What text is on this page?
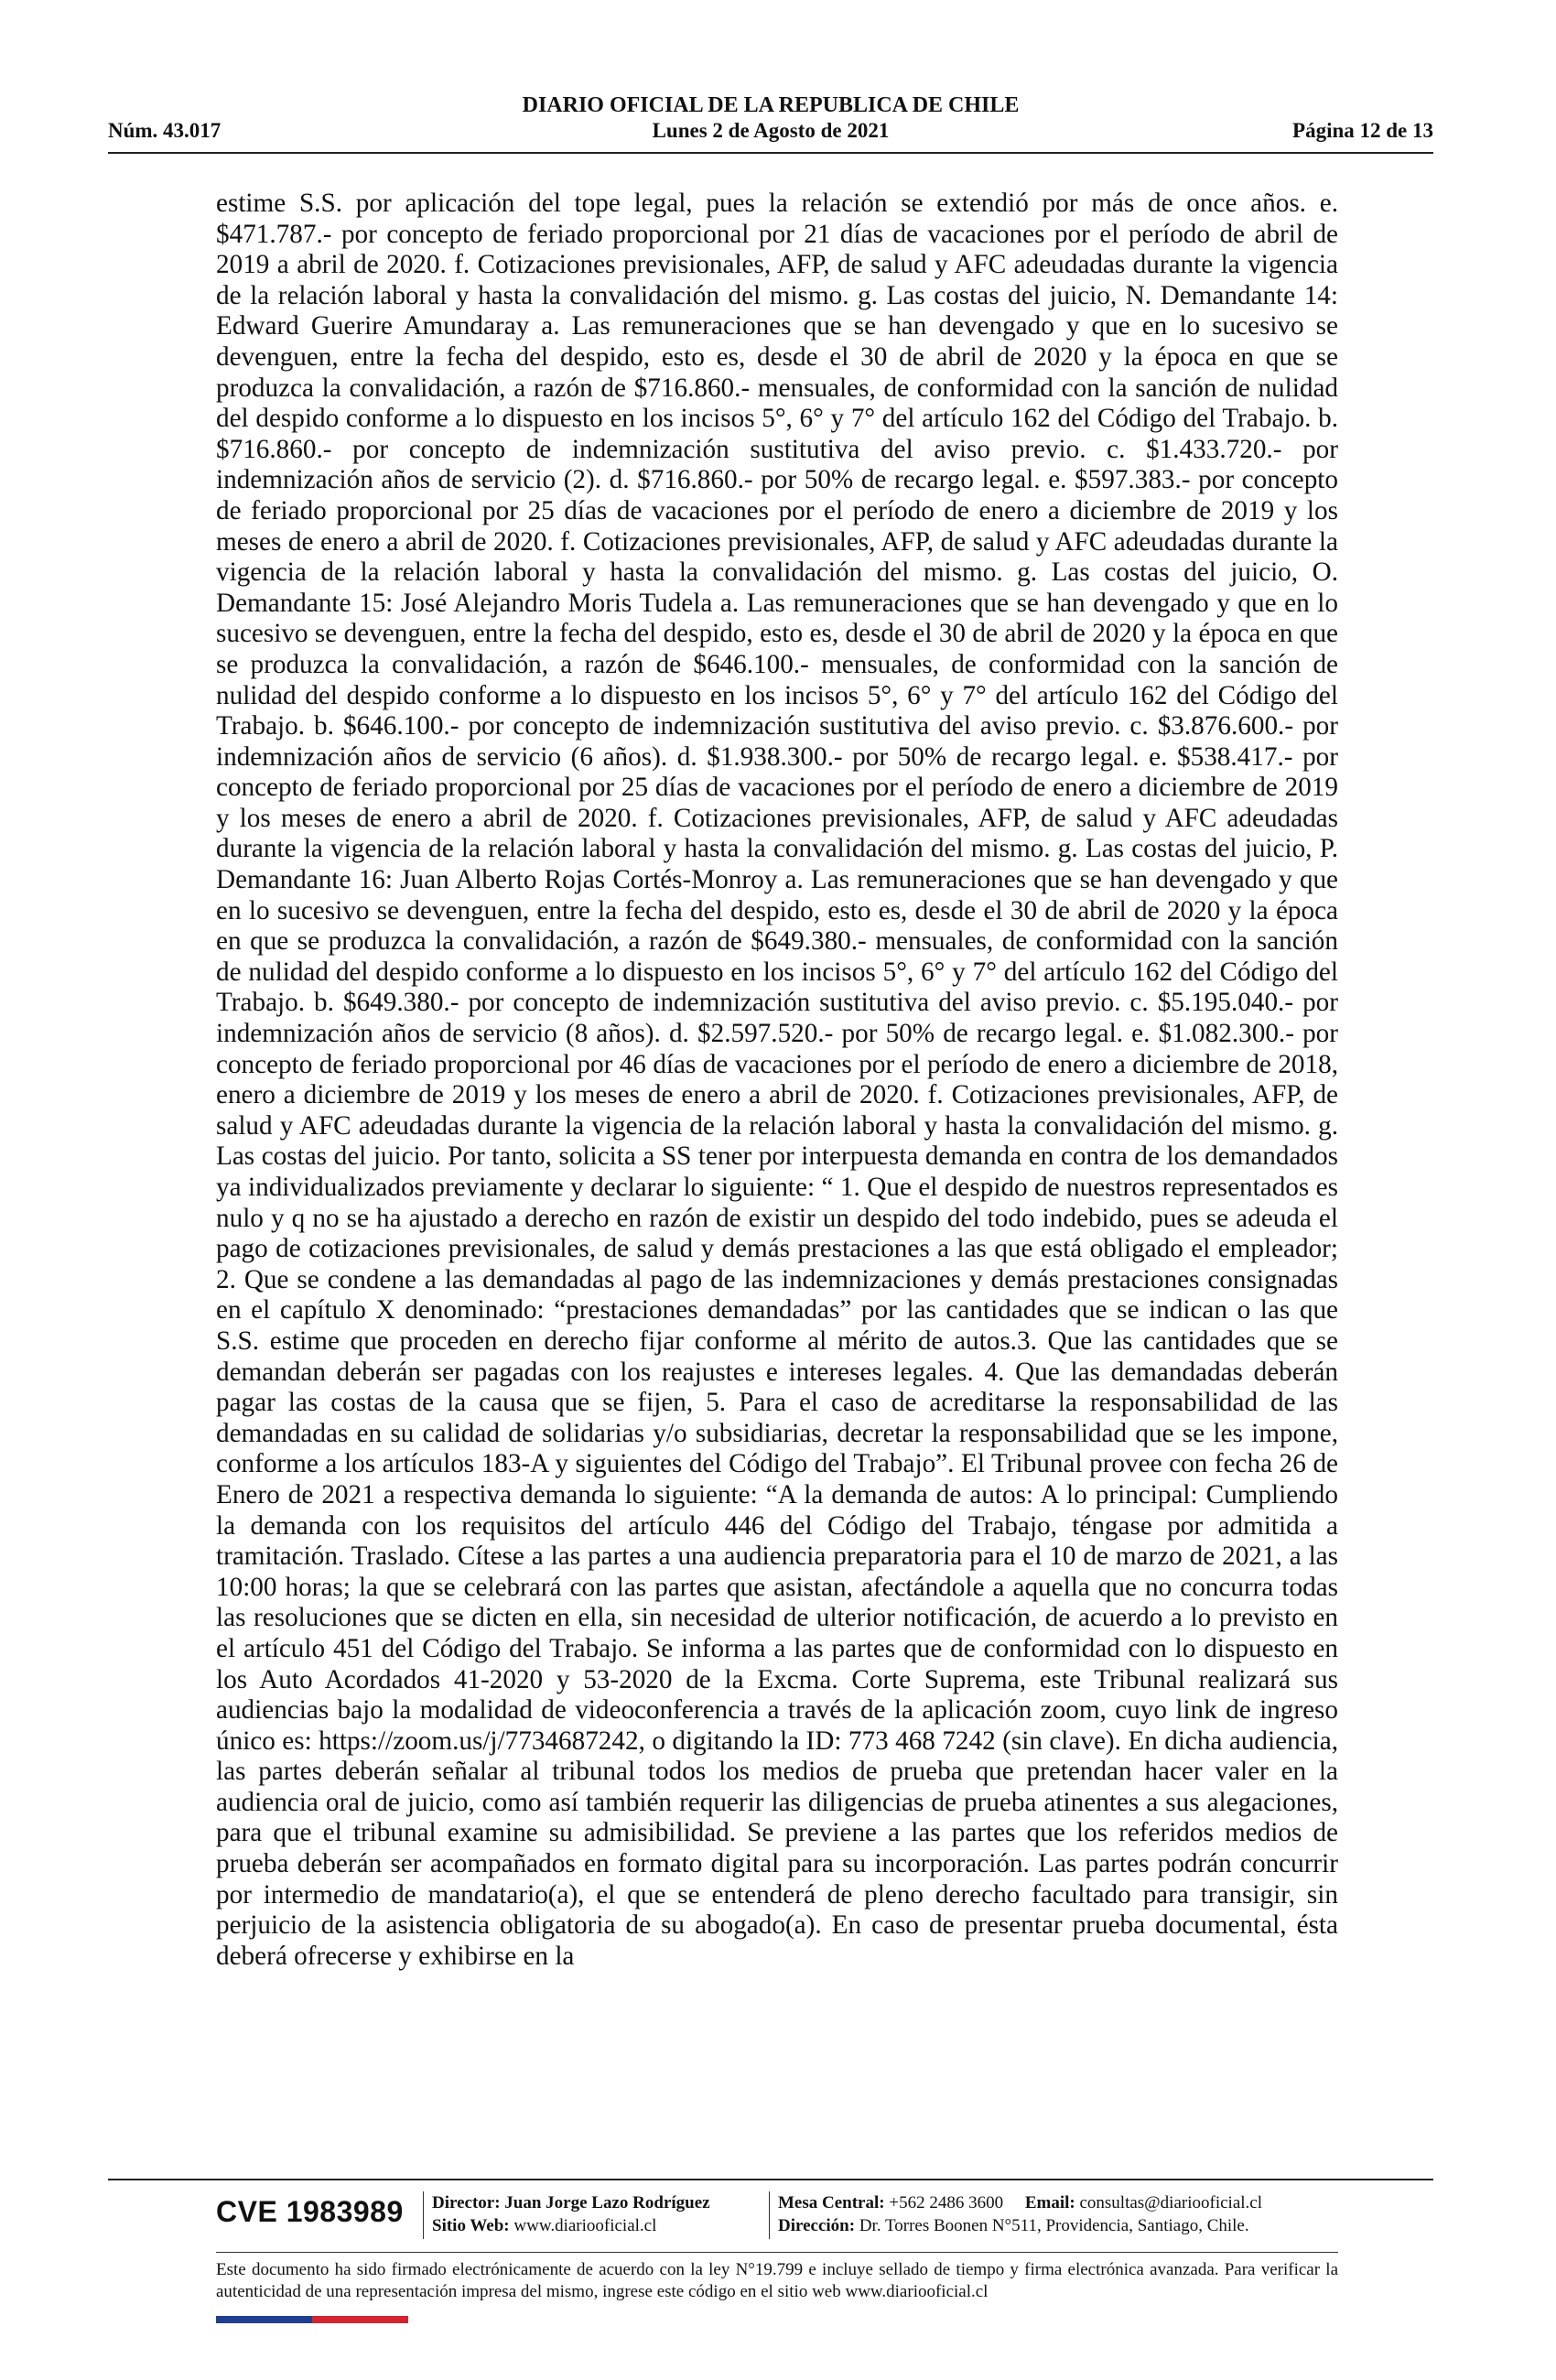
DIARIO OFICIAL DE LA REPUBLICA DE CHILE
Núm. 43.017	Lunes 2 de Agosto de 2021	Página 12 de 13
estime S.S. por aplicación del tope legal, pues la relación se extendió por más de once años. e. $471.787.- por concepto de feriado proporcional por 21 días de vacaciones por el período de abril de 2019 a abril de 2020. f. Cotizaciones previsionales, AFP, de salud y AFC adeudadas durante la vigencia de la relación laboral y hasta la convalidación del mismo. g. Las costas del juicio, N. Demandante 14: Edward Guerire Amundaray a. Las remuneraciones que se han devengado y que en lo sucesivo se devenguen, entre la fecha del despido, esto es, desde el 30 de abril de 2020 y la época en que se produzca la convalidación, a razón de $716.860.- mensuales, de conformidad con la sanción de nulidad del despido conforme a lo dispuesto en los incisos 5°, 6° y 7° del artículo 162 del Código del Trabajo. b. $716.860.- por concepto de indemnización sustitutiva del aviso previo. c. $1.433.720.- por indemnización años de servicio (2). d. $716.860.- por 50% de recargo legal. e. $597.383.- por concepto de feriado proporcional por 25 días de vacaciones por el período de enero a diciembre de 2019 y los meses de enero a abril de 2020. f. Cotizaciones previsionales, AFP, de salud y AFC adeudadas durante la vigencia de la relación laboral y hasta la convalidación del mismo. g. Las costas del juicio, O. Demandante 15: José Alejandro Moris Tudela a. Las remuneraciones que se han devengado y que en lo sucesivo se devenguen, entre la fecha del despido, esto es, desde el 30 de abril de 2020 y la época en que se produzca la convalidación, a razón de $646.100.- mensuales, de conformidad con la sanción de nulidad del despido conforme a lo dispuesto en los incisos 5°, 6° y 7° del artículo 162 del Código del Trabajo. b. $646.100.- por concepto de indemnización sustitutiva del aviso previo. c. $3.876.600.- por indemnización años de servicio (6 años). d. $1.938.300.- por 50% de recargo legal. e. $538.417.- por concepto de feriado proporcional por 25 días de vacaciones por el período de enero a diciembre de 2019 y los meses de enero a abril de 2020. f. Cotizaciones previsionales, AFP, de salud y AFC adeudadas durante la vigencia de la relación laboral y hasta la convalidación del mismo. g. Las costas del juicio, P. Demandante 16: Juan Alberto Rojas Cortés-Monroy a. Las remuneraciones que se han devengado y que en lo sucesivo se devenguen, entre la fecha del despido, esto es, desde el 30 de abril de 2020 y la época en que se produzca la convalidación, a razón de $649.380.- mensuales, de conformidad con la sanción de nulidad del despido conforme a lo dispuesto en los incisos 5°, 6° y 7° del artículo 162 del Código del Trabajo. b. $649.380.- por concepto de indemnización sustitutiva del aviso previo. c. $5.195.040.- por indemnización años de servicio (8 años). d. $2.597.520.- por 50% de recargo legal. e. $1.082.300.- por concepto de feriado proporcional por 46 días de vacaciones por el período de enero a diciembre de 2018, enero a diciembre de 2019 y los meses de enero a abril de 2020. f. Cotizaciones previsionales, AFP, de salud y AFC adeudadas durante la vigencia de la relación laboral y hasta la convalidación del mismo. g. Las costas del juicio. Por tanto, solicita a SS tener por interpuesta demanda en contra de los demandados ya individualizados previamente y declarar lo siguiente: “ 1. Que el despido de nuestros representados es nulo y q no se ha ajustado a derecho en razón de existir un despido del todo indebido, pues se adeuda el pago de cotizaciones previsionales, de salud y demás prestaciones a las que está obligado el empleador; 2. Que se condene a las demandadas al pago de las indemnizaciones y demás prestaciones consignadas en el capítulo X denominado: “prestaciones demandadas” por las cantidades que se indican o las que S.S. estime que proceden en derecho fijar conforme al mérito de autos.3. Que las cantidades que se demandan deberán ser pagadas con los reajustes e intereses legales. 4. Que las demandadas deberán pagar las costas de la causa que se fijen, 5. Para el caso de acreditarse la responsabilidad de las demandadas en su calidad de solidarias y/o subsidiarias, decretar la responsabilidad que se les impone, conforme a los artículos 183-A y siguientes del Código del Trabajo”. El Tribunal provee con fecha 26 de Enero de 2021 a respectiva demanda lo siguiente: “A la demanda de autos: A lo principal: Cumpliendo la demanda con los requisitos del artículo 446 del Código del Trabajo, téngase por admitida a tramitación. Traslado. Cítese a las partes a una audiencia preparatoria para el 10 de marzo de 2021, a las 10:00 horas; la que se celebrará con las partes que asistan, afectándole a aquella que no concurra todas las resoluciones que se dicten en ella, sin necesidad de ulterior notificación, de acuerdo a lo previsto en el artículo 451 del Código del Trabajo. Se informa a las partes que de conformidad con lo dispuesto en los Auto Acordados 41-2020 y 53-2020 de la Excma. Corte Suprema, este Tribunal realizará sus audiencias bajo la modalidad de videoconferencia a través de la aplicación zoom, cuyo link de ingreso único es: https://zoom.us/j/7734687242, o digitando la ID: 773 468 7242 (sin clave). En dicha audiencia, las partes deberán señalar al tribunal todos los medios de prueba que pretendan hacer valer en la audiencia oral de juicio, como así también requerir las diligencias de prueba atinentes a sus alegaciones, para que el tribunal examine su admisibilidad. Se previene a las partes que los referidos medios de prueba deberán ser acompañados en formato digital para su incorporación. Las partes podrán concurrir por intermedio de mandatario(a), el que se entenderá de pleno derecho facultado para transigir, sin perjuicio de la asistencia obligatoria de su abogado(a). En caso de presentar prueba documental, ésta deberá ofrecerse y exhibirse en la
CVE 1983989 Director: Juan Jorge Lazo Rodríguez
Sitio Web: www.diariooficial.cl
Mesa Central: +562 2486 3600 Email: consultas@diariooficial.cl
Dirección: Dr. Torres Boonen N°511, Providencia, Santiago, Chile.
Este documento ha sido firmado electrónicamente de acuerdo con la ley N°19.799 e incluye sellado de tiempo y firma electrónica avanzada. Para verificar la autenticidad de una representación impresa del mismo, ingrese este código en el sitio web www.diariooficial.cl
